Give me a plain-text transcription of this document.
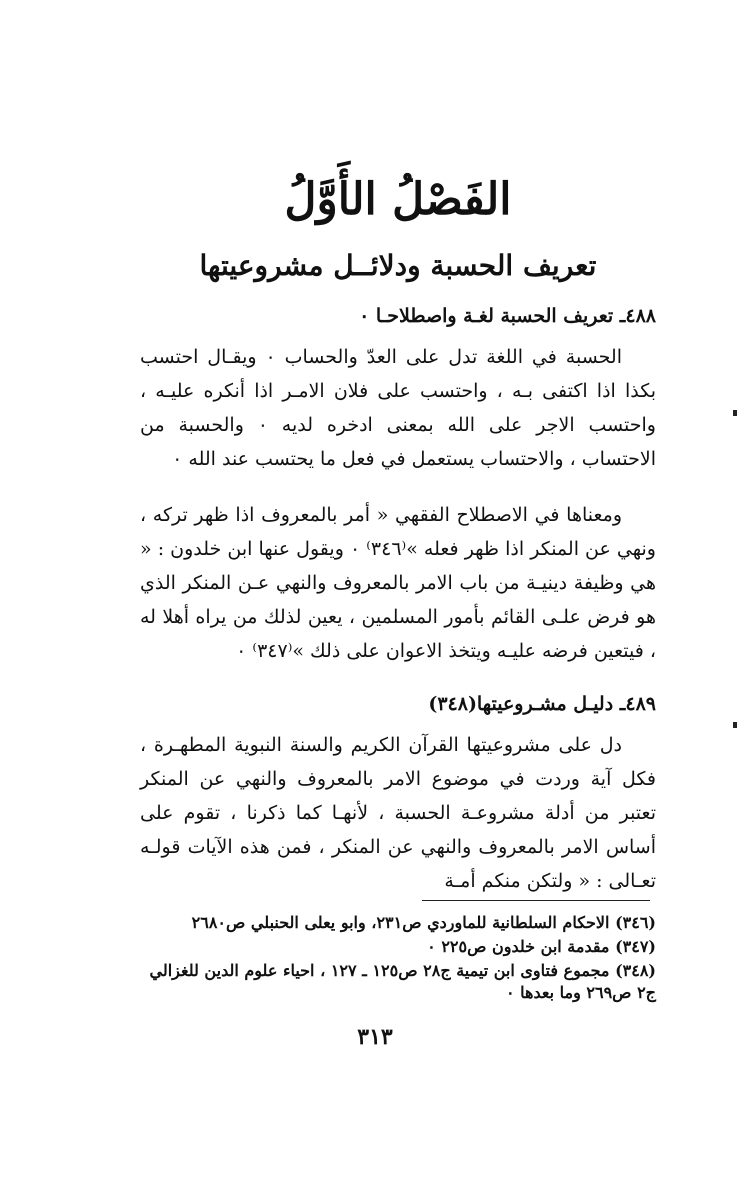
الفَصْلُ الأَوَّلُ
تعريف الحسبة ودلائــل مشروعيتها
٤٨٨ـ تعريف الحسبة لغـة واصطلاحـا ٠

الحسبة في اللغة تدل على العدّ والحساب ٠ ويقـال احتسب بكذا اذا اكتفى بـه ، واحتسب على فلان الامـر اذا أنكره عليـه ، واحتسب الاجر على الله بمعنى ادخره لديه ٠ والحسبة من الاحتساب ، والاحتساب يستعمل في فعل ما يحتسب عند الله ٠

ومعناها في الاصطلاح الفقهي « أمر بالمعروف اذا ظهر تركه ، ونهي عن المنكر اذا ظهر فعله »⁽٣٤٦⁾ ٠ ويقول عنها ابن خلدون : « هي وظيفة دينيـة من باب الامر بالمعروف والنهي عـن المنكر الذي هو فرض علـى القائم بأمور المسلمين ، يعين لذلك من يراه أهلا له ، فيتعين فرضه عليـه ويتخذ الاعوان على ذلك »⁽٣٤٧⁾ ٠

٤٨٩ـ دليـل مشـروعيتها(٣٤٨)

دل على مشروعيتها القرآن الكريم والسنة النبوية المطهـرة ، فكل آية وردت في موضوع الامر بالمعروف والنهي عن المنكر تعتبر من أدلة مشروعـة الحسبة ، لأنهـا كما ذكرنا ، تقوم على أساس الامر بالمعروف والنهي عن المنكر ، فمن هذه الآيات قولـه تعـالى : « ولتكن منكم أمـة

(٣٤٦) الاحكام السلطانية للماوردي ص٢٣١، وابو يعلى الحنبلي ص٢٦٨٠
(٣٤٧) مقدمة ابن خلدون ص٢٢٥ ٠
(٣٤٨) مجموع فتاوى ابن تيمية ج٢٨ ص١٢٥ ـ ١٢٧ ، احياء علوم الدين للغزالي ج٢ ص٢٦٩ وما بعدها ٠
٣١٣
